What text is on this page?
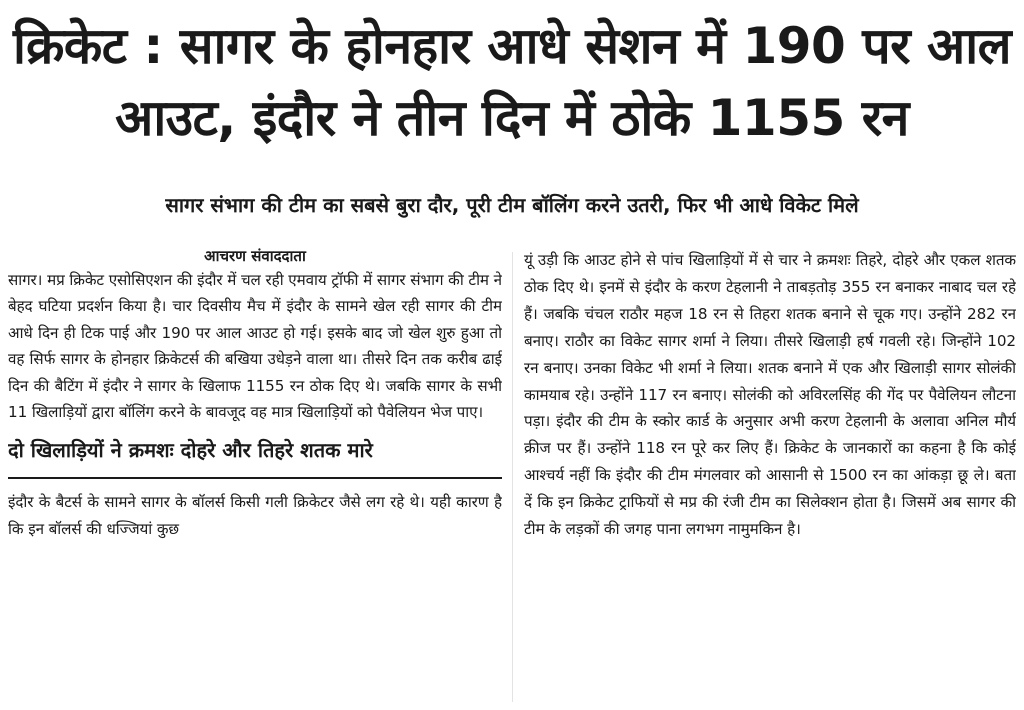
क्रिकेट : सागर के होनहार आधे सेशन में 190 पर आल आउट, इंदौर ने तीन दिन में ठोके 1155 रन
सागर संभाग की टीम का सबसे बुरा दौर, पूरी टीम बॉलिंग करने उतरी, फिर भी आधे विकेट मिले
आचरण संवाददाता

सागर। मप्र क्रिकेट एसोसिएशन की इंदौर में चल रही एमवाय ट्रॉफी में सागर संभाग की टीम ने बेहद घटिया प्रदर्शन किया है। चार दिवसीय मैच में इंदौर के सामने खेल रही सागर की टीम आधे दिन ही टिक पाई और 190 पर आल आउट हो गई। इसके बाद जो खेल शुरु हुआ तो वह सिर्फ सागर के होनहार क्रिकेटर्स की बखिया उधेड़ने वाला था। तीसरे दिन तक करीब ढाई दिन की बैटिंग में इंदौर ने सागर के खिलाफ 1155 रन ठोक दिए थे। जबकि सागर के सभी 11 खिलाड़ियों द्वारा बॉलिंग करने के बावजूद वह मात्र खिलाड़ियों को पैवेलियन भेज पाए।

दो खिलाड़ियों ने क्रमशः दोहरे और तिहरे शतक मारे

इंदौर के बैटर्स के सामने सागर के बॉलर्स किसी गली क्रिकेटर जैसे लग रहे थे। यही कारण है कि इन बॉलर्स की धज्जियां कुछ

यूं उड़ी कि आउट होने से पांच खिलाड़ियों में से चार ने क्रमशः तिहरे, दोहरे और एकल शतक ठोक दिए थे। इनमें से इंदौर के करण टेहलानी ने ताबड़तोड़ 355 रन बनाकर नाबाद चल रहे हैं। जबकि चंचल राठौर महज 18 रन से तिहरा शतक बनाने से चूक गए। उन्होंने 282 रन बनाए। राठौर का विकेट सागर शर्मा ने लिया। तीसरे खिलाड़ी हर्ष गवली रहे। जिन्होंने 102 रन बनाए। उनका विकेट भी शर्मा ने लिया। शतक बनाने में एक और खिलाड़ी सागर सोलंकी कामयाब रहे। उन्होंने 117 रन बनाए। सोलंकी को अविरलसिंह की गेंद पर पैवेलियन लौटना पड़ा। इंदौर की टीम के स्कोर कार्ड के अनुसार अभी करण टेहलानी के अलावा अनिल मौर्य क्रीज पर हैं। उन्होंने 118 रन पूरे कर लिए हैं। क्रिकेट के जानकारों का कहना है कि कोई आश्चर्य नहीं कि इंदौर की टीम मंगलवार को आसानी से 1500 रन का आंकड़ा छू ले। बता दें कि इन क्रिकेट ट्राफियों से मप्र की रंजी टीम का सिलेक्शन होता है। जिसमें अब सागर की टीम के लड़कों की जगह पाना लगभग नामुमकिन है।
